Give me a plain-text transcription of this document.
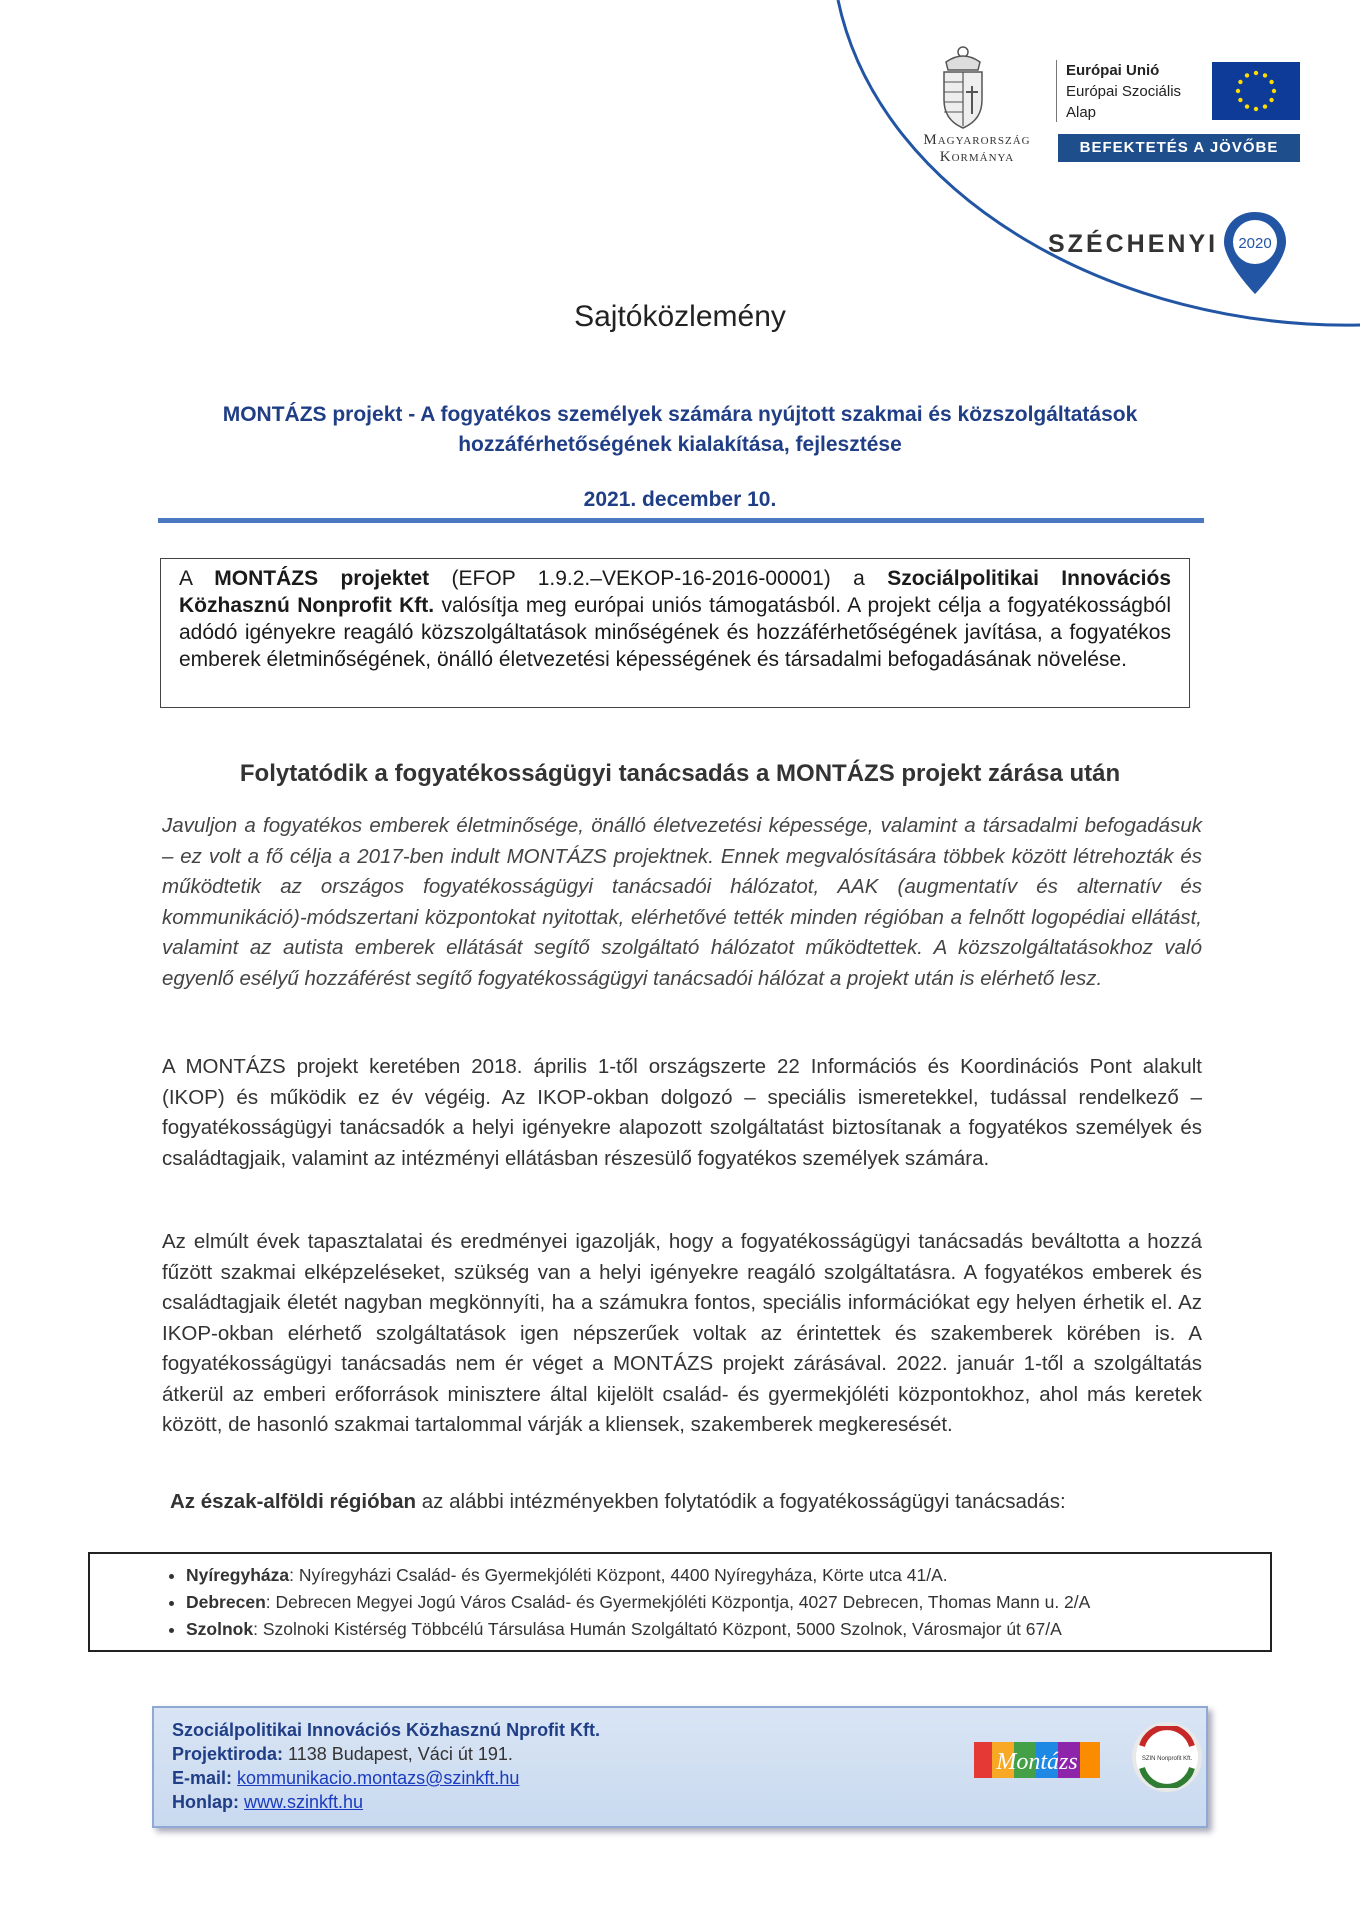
Magyarország
Kormánya
Európai Unió
Európai Szociális
Alap
BEFEKTETÉS A JÖVŐBE
SZÉCHENYI 2020
Sajtóközlemény
MONTÁZS projekt - A fogyatékos személyek számára nyújtott szakmai és közszolgáltatások hozzáférhetőségének kialakítása, fejlesztése
2021. december 10.
A MONTÁZS projektet (EFOP 1.9.2.–VEKOP-16-2016-00001) a Szociálpolitikai Innovációs Közhasznú Nonprofit Kft. valósítja meg európai uniós támogatásból. A projekt célja a fogyatékosságból adódó igényekre reagáló közszolgáltatások minőségének és hozzáférhetőségének javítása, a fogyatékos emberek életminőségének, önálló életvezetési képességének és társadalmi befogadásának növelése.
Folytatódik a fogyatékosságügyi tanácsadás a MONTÁZS projekt zárása után
Javuljon a fogyatékos emberek életminősége, önálló életvezetési képessége, valamint a társadalmi befogadásuk – ez volt a fő célja a 2017-ben indult MONTÁZS projektnek. Ennek megvalósítására többek között létrehozták és működtetik az országos fogyatékosságügyi tanácsadói hálózatot, AAK (augmentatív és alternatív és kommunikáció)-módszertani központokat nyitottak, elérhetővé tették minden régióban a felnőtt logopédiai ellátást, valamint az autista emberek ellátását segítő szolgáltató hálózatot működtettek. A közszolgáltatásokhoz való egyenlő esélyű hozzáférést segítő fogyatékosságügyi tanácsadói hálózat a projekt után is elérhető lesz.
A MONTÁZS projekt keretében 2018. április 1-től országszerte 22 Információs és Koordinációs Pont alakult (IKOP) és működik ez év végéig. Az IKOP-okban dolgozó – speciális ismeretekkel, tudással rendelkező – fogyatékosságügyi tanácsadók a helyi igényekre alapozott szolgáltatást biztosítanak a fogyatékos személyek és családtagjaik, valamint az intézményi ellátásban részesülő fogyatékos személyek számára.
Az elmúlt évek tapasztalatai és eredményei igazolják, hogy a fogyatékosságügyi tanácsadás beváltotta a hozzá fűzött szakmai elképzeléseket, szükség van a helyi igényekre reagáló szolgáltatásra. A fogyatékos emberek és családtagjaik életét nagyban megkönnyíti, ha a számukra fontos, speciális információkat egy helyen érhetik el. Az IKOP-okban elérhető szolgáltatások igen népszerűek voltak az érintettek és szakemberek körében is. A fogyatékosságügyi tanácsadás nem ér véget a MONTÁZS projekt zárásával. 2022. január 1-től a szolgáltatás átkerül az emberi erőforrások minisztere által kijelölt család- és gyermekjóléti központokhoz, ahol más keretek között, de hasonló szakmai tartalommal várják a kliensek, szakemberek megkeresését.
Az észak-alföldi régióban az alábbi intézményekben folytatódik a fogyatékosságügyi tanácsadás:
• Nyíregyháza: Nyíregyházi Család- és Gyermekjóléti Központ, 4400 Nyíregyháza, Körte utca 41/A.
• Debrecen: Debrecen Megyei Jogú Város Család- és Gyermekjóléti Központja, 4027 Debrecen, Thomas Mann u. 2/A
• Szolnok: Szolnoki Kistérség Többcélú Társulása Humán Szolgáltató Központ, 5000 Szolnok, Városmajor út 67/A
Szociálpolitikai Innovációs Közhasznú Nprofit Kft.
Projektiroda: 1138 Budapest, Váci út 191.
E-mail: kommunikacio.montazs@szinkft.hu
Honlap: www.szinkft.hu
Montázs	SZIN Nonprofit Kft.
